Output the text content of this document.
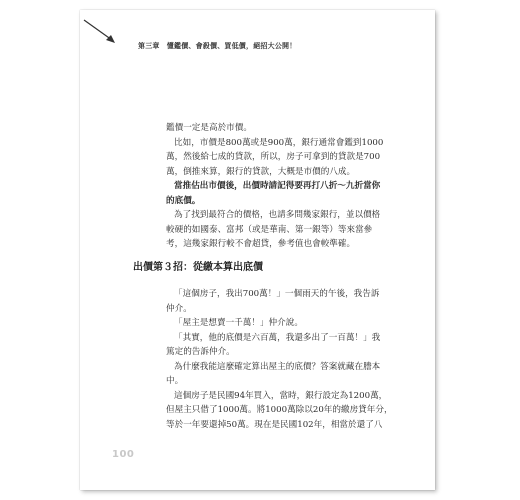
第三章　懂鑑價、會殺價、買低價，絕招大公開！
鑑價一定是高於市價。
比如，市價是800萬或是900萬，銀行通常會鑑到1000
萬，然後給七成的貸款，所以，房子可拿到的貸款是700
萬，倒推來算，銀行的貸款，大概是市價的八成。
當推估出市價後，出價時請記得要再打八折～九折當你
的底價。
為了找到最符合的價格，也請多問幾家銀行，並以價格
較硬的如國泰、富邦（或是華南、第一銀等）等來當參
考，這幾家銀行較不會超貸，參考值也會較準確。
出價第３招：從繳本算出底價
「這個房子，我出700萬！」一個雨天的午後，我告訴
仲介。
「屋主是想賣一千萬！」仲介說。
「其實，他的底價是六百萬，我還多出了一百萬！」我
篤定的告訴仲介。
為什麼我能這麼確定算出屋主的底價？答案就藏在謄本
中。
這個房子是民國94年買入，當時，銀行設定為1200萬，
但屋主只借了1000萬。將1000萬除以20年的繳房貸年分，
等於一年要還掉50萬。現在是民國102年，相當於還了八
100
